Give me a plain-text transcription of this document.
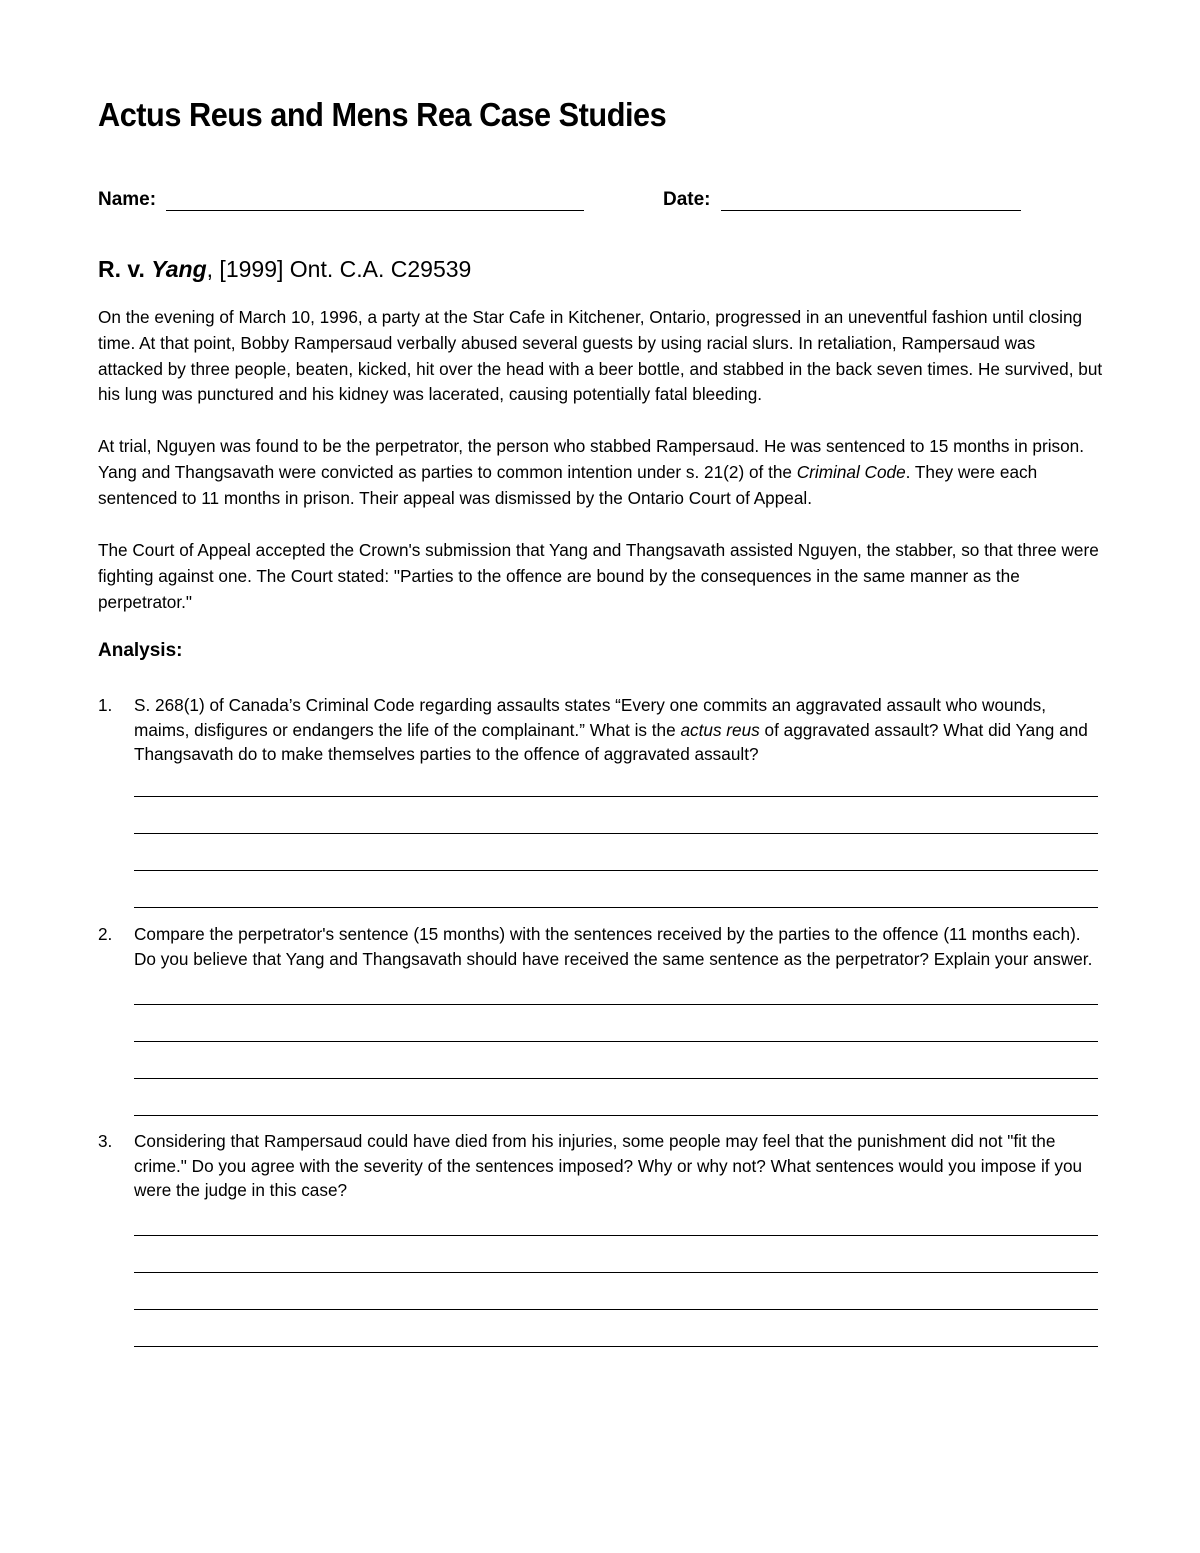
Actus Reus and Mens Rea Case Studies
Name:	Date:
R. v. Yang, [1999] Ont. C.A. C29539

On the evening of March 10, 1996, a party at the Star Cafe in Kitchener, Ontario, progressed in an uneventful fashion until closing time. At that point, Bobby Rampersaud verbally abused several guests by using racial slurs. In retaliation, Rampersaud was attacked by three people, beaten, kicked, hit over the head with a beer bottle, and stabbed in the back seven times. He survived, but his lung was punctured and his kidney was lacerated, causing potentially fatal bleeding.

At trial, Nguyen was found to be the perpetrator, the person who stabbed Rampersaud. He was sentenced to 15 months in prison. Yang and Thangsavath were convicted as parties to common intention under s. 21(2) of the Criminal Code. They were each sentenced to 11 months in prison. Their appeal was dismissed by the Ontario Court of Appeal.

The Court of Appeal accepted the Crown's submission that Yang and Thangsavath assisted Nguyen, the stabber, so that three were fighting against one. The Court stated: "Parties to the offence are bound by the consequences in the same manner as the perpetrator."

Analysis:
1. S. 268(1) of Canada’s Criminal Code regarding assaults states “Every one commits an aggravated assault who wounds, maims, disfigures or endangers the life of the complainant.” What is the actus reus of aggravated assault? What did Yang and Thangsavath do to make themselves parties to the offence of aggravated assault?

2. Compare the perpetrator's sentence (15 months) with the sentences received by the parties to the offence (11 months each). Do you believe that Yang and Thangsavath should have received the same sentence as the perpetrator? Explain your answer.

3. Considering that Rampersaud could have died from his injuries, some people may feel that the punishment did not "fit the crime." Do you agree with the severity of the sentences imposed? Why or why not? What sentences would you impose if you were the judge in this case?
